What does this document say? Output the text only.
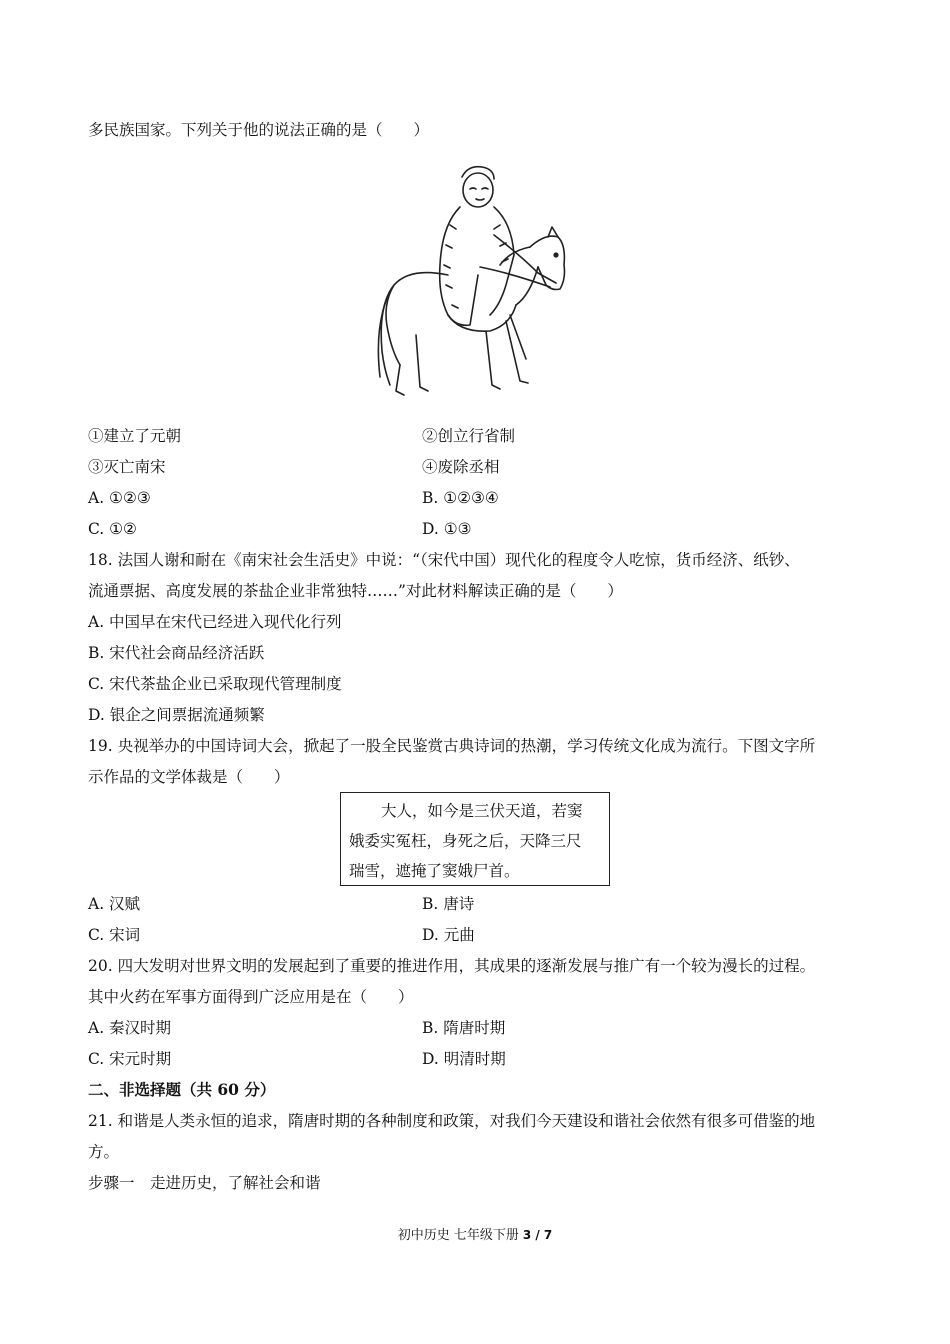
多民族国家。下列关于他的说法正确的是（　　）
①建立了元朝	②创立行省制
③灭亡南宋	④废除丞相
A. ①②③	B. ①②③④
C. ①②	D. ①③
18. 法国人谢和耐在《南宋社会生活史》中说：“（宋代中国）现代化的程度令人吃惊，货币经济、纸钞、
流通票据、高度发展的茶盐企业非常独特……”对此材料解读正确的是（　　）
A. 中国早在宋代已经进入现代化行列
B. 宋代社会商品经济活跃
C. 宋代茶盐企业已采取现代管理制度
D. 银企之间票据流通频繁
19. 央视举办的中国诗词大会，掀起了一股全民鉴赏古典诗词的热潮，学习传统文化成为流行。下图文字所
示作品的文学体裁是（　　）
大人，如今是三伏天道，若窦
娥委实冤枉，身死之后，天降三尺
瑞雪，遮掩了窦娥尸首。
A. 汉赋	B. 唐诗
C. 宋词	D. 元曲
20. 四大发明对世界文明的发展起到了重要的推进作用，其成果的逐渐发展与推广有一个较为漫长的过程。
其中火药在军事方面得到广泛应用是在（　　）
A. 秦汉时期	B. 隋唐时期
C. 宋元时期	D. 明清时期
二、非选择题（共 60 分）
21. 和谐是人类永恒的追求，隋唐时期的各种制度和政策，对我们今天建设和谐社会依然有很多可借鉴的地
方。
步骤一　走进历史，了解社会和谐
初中历史 七年级下册 3 / 7
